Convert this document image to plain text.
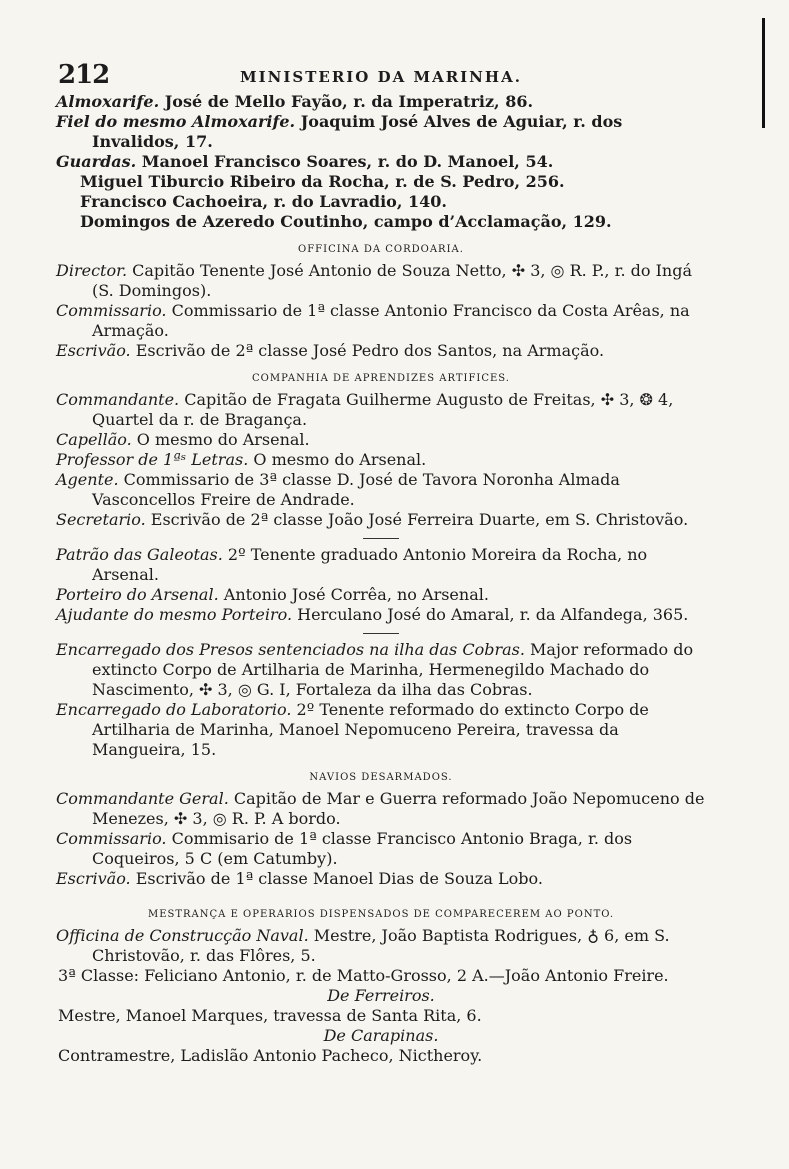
212	MINISTERIO DA MARINHA.

Almoxarife. José de Mello Fayão, r. da Imperatriz, 86.

Fiel do mesmo Almoxarife. Joaquim José Alves de Aguiar, r. dos Invalidos, 17.

Guardas. Manoel Francisco Soares, r. do D. Manoel, 54.

Miguel Tiburcio Ribeiro da Rocha, r. de S. Pedro, 256.

Francisco Cachoeira, r. do Lavradio, 140.

Domingos de Azeredo Coutinho, campo d’Acclamação, 129.

OFFICINA DA CORDOARIA.

Director. Capitão Tenente José Antonio de Souza Netto, ✣ 3, ◎ R. P., r. do Ingá (S. Domingos).

Commissario. Commissario de 1ª classe Antonio Francisco da Costa Arêas, na Armação.

Escrivão. Escrivão de 2ª classe José Pedro dos Santos, na Armação.

COMPANHIA DE APRENDIZES ARTIFICES.

Commandante. Capitão de Fragata Guilherme Augusto de Freitas, ✣ 3, ❂ 4, Quartel da r. de Bragança.

Capellão. O mesmo do Arsenal.

Professor de 1ªˢ Letras. O mesmo do Arsenal.

Agente. Commissario de 3ª classe D. José de Tavora Noronha Almada Vasconcellos Freire de Andrade.

Secretario. Escrivão de 2ª classe João José Ferreira Duarte, em S. Christovão.

Patrão das Galeotas. 2º Tenente graduado Antonio Moreira da Rocha, no Arsenal.

Porteiro do Arsenal. Antonio José Corrêa, no Arsenal.

Ajudante do mesmo Porteiro. Herculano José do Amaral, r. da Alfandega, 365.

Encarregado dos Presos sentenciados na ilha das Cobras. Major reformado do extincto Corpo de Artilharia de Marinha, Hermenegildo Machado do Nascimento, ✣ 3, ◎ G. I, Fortaleza da ilha das Cobras.

Encarregado do Laboratorio. 2º Tenente reformado do extincto Corpo de Artilharia de Marinha, Manoel Nepomuceno Pereira, travessa da Mangueira, 15.

NAVIOS DESARMADOS.

Commandante Geral. Capitão de Mar e Guerra reformado João Nepomuceno de Menezes, ✣ 3, ◎ R. P. A bordo.

Commissario. Commisario de 1ª classe Francisco Antonio Braga, r. dos Coqueiros, 5 C (em Catumby).

Escrivão. Escrivão de 1ª classe Manoel Dias de Souza Lobo.

MESTRANÇA E OPERARIOS DISPENSADOS DE COMPARECEREM AO PONTO.

Officina de Construcção Naval. Mestre, João Baptista Rodrigues, ♁ 6, em S. Christovão, r. das Flôres, 5.

3ª Classe: Feliciano Antonio, r. de Matto-Grosso, 2 A.—João Antonio Freire.

De Ferreiros.

Mestre, Manoel Marques, travessa de Santa Rita, 6.

De Carapinas.

Contramestre, Ladislão Antonio Pacheco, Nictheroy.
